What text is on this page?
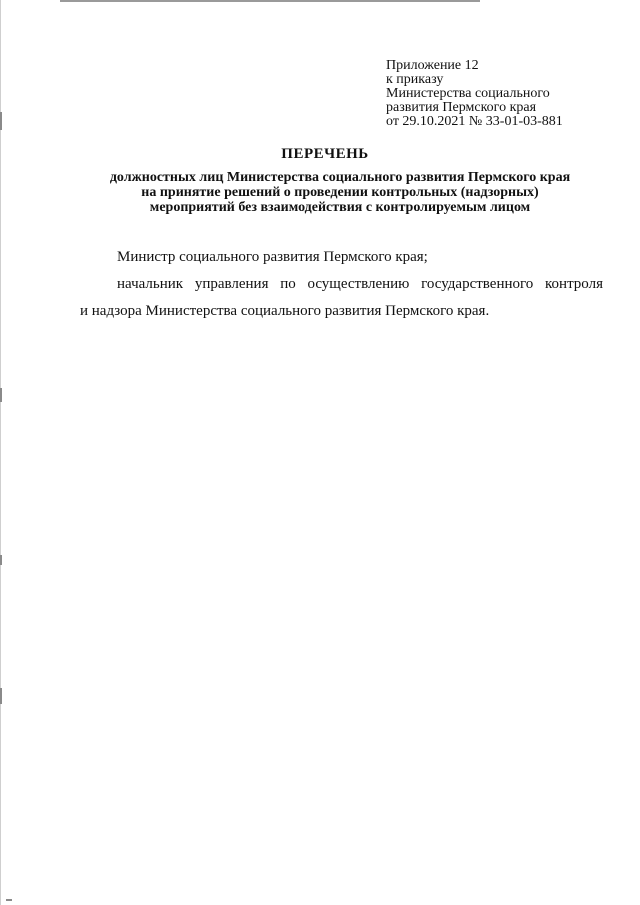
Приложение 12
к приказу
Министерства социального
развития Пермского края
от 29.10.2021 № 33-01-03-881
ПЕРЕЧЕНЬ
должностных лиц Министерства социального развития Пермского края
на принятие решений о проведении контрольных (надзорных)
мероприятий без взаимодействия с контролируемым лицом
Министр социального развития Пермского края;
начальник управления по осуществлению государственного контроля
и надзора Министерства социального развития Пермского края.
